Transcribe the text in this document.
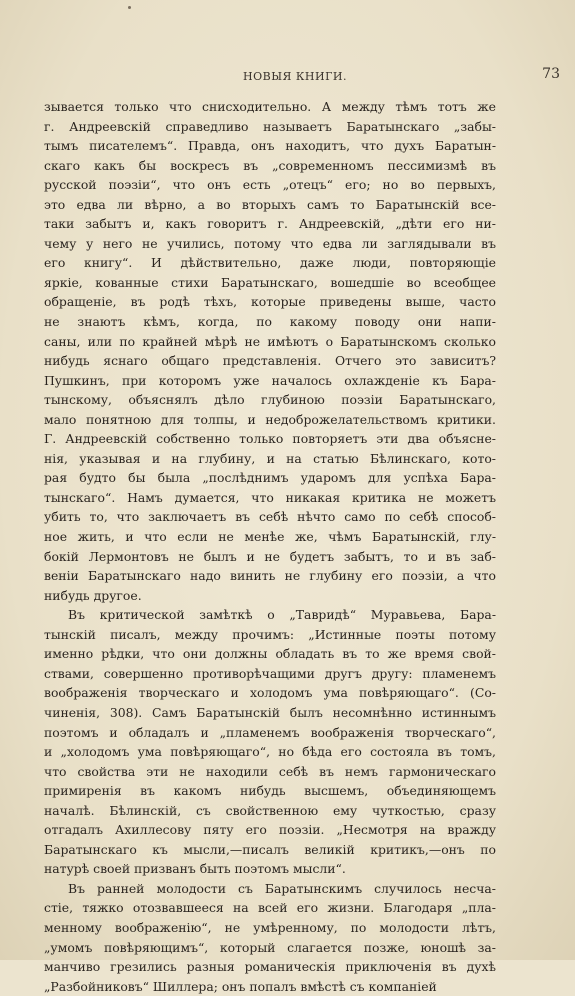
НОВЫЯ КНИГИ.	73
зывается только что снисходительно. А между тѣмъ тотъ же
г. Андреевскій справедливо называетъ Баратынскаго „забы-
тымъ писателемъ“. Правда, онъ находитъ, что духъ Баратын-
скаго какъ бы воскресъ въ „современномъ пессимизмѣ въ
русской поэзіи“, что онъ есть „отецъ“ его; но во первыхъ,
это едва ли вѣрно, а во вторыхъ самъ то Баратынскій все-
таки забытъ и, какъ говоритъ г. Андреевскій, „дѣти его ни-
чему у него не учились, потому что едва ли заглядывали въ
его книгу“. И дѣйствительно, даже люди, повторяющіе
яркіе, кованные стихи Баратынскаго, вошедшіе во всеобщее
обращеніе, въ родѣ тѣхъ, которые приведены выше, часто
не знаютъ кѣмъ, когда, по какому поводу они напи-
саны, или по крайней мѣрѣ не имѣютъ о Баратынскомъ сколько
нибудь яснаго общаго представленія. Отчего это зависитъ?
Пушкинъ, при которомъ уже началось охлажденіе къ Бара-
тынскому, объяснялъ дѣло глубиною поэзіи Баратынскаго,
мало понятною для толпы, и недоброжелательствомъ критики.
Г. Андреевскій собственно только повторяетъ эти два объясне-
нія, указывая и на глубину, и на статью Бѣлинскаго, кото-
рая будто бы была „послѣднимъ ударомъ для успѣха Бара-
тынскаго“. Намъ думается, что никакая критика не можетъ
убить то, что заключаетъ въ себѣ нѣчто само по себѣ способ-
ное жить, и что если не менѣе же, чѣмъ Баратынскій, глу-
бокій Лермонтовъ не былъ и не будетъ забытъ, то и въ заб-
веніи Баратынскаго надо винить не глубину его поэзіи, а что
нибудь другое.
Въ критической замѣткѣ о „Тавридѣ“ Муравьева, Бара-
тынскій писалъ, между прочимъ: „Истинные поэты потому
именно рѣдки, что они должны обладать въ то же время свой-
ствами, совершенно противорѣчащими другъ другу: пламенемъ
воображенія творческаго и холодомъ ума повѣряющаго“. (Со-
чиненія, 308). Самъ Баратынскій былъ несомнѣнно истиннымъ
поэтомъ и обладалъ и „пламенемъ воображенія творческаго“,
и „холодомъ ума повѣряющаго“, но бѣда его состояла въ томъ,
что свойства эти не находили себѣ въ немъ гармоническаго
примиренія въ какомъ нибудь высшемъ, объединяющемъ
началѣ. Бѣлинскій, съ свойственною ему чуткостью, сразу
отгадалъ Ахиллесову пяту его поэзіи. „Несмотря на вражду
Баратынскаго къ мысли,—писалъ великій критикъ,—онъ по
натурѣ своей призванъ быть поэтомъ мысли“.
Въ ранней молодости съ Баратынскимъ случилось несча-
стіе, тяжко отозвавшееся на всей его жизни. Благодаря „пла-
менному воображенію“, не умѣренному, по молодости лѣтъ,
„умомъ повѣряющимъ“, который слагается позже, юношѣ за-
манчиво грезились разныя романическія приключенія въ духѣ
„Разбойниковъ“ Шиллера; онъ попалъ вмѣстѣ съ компаніей
